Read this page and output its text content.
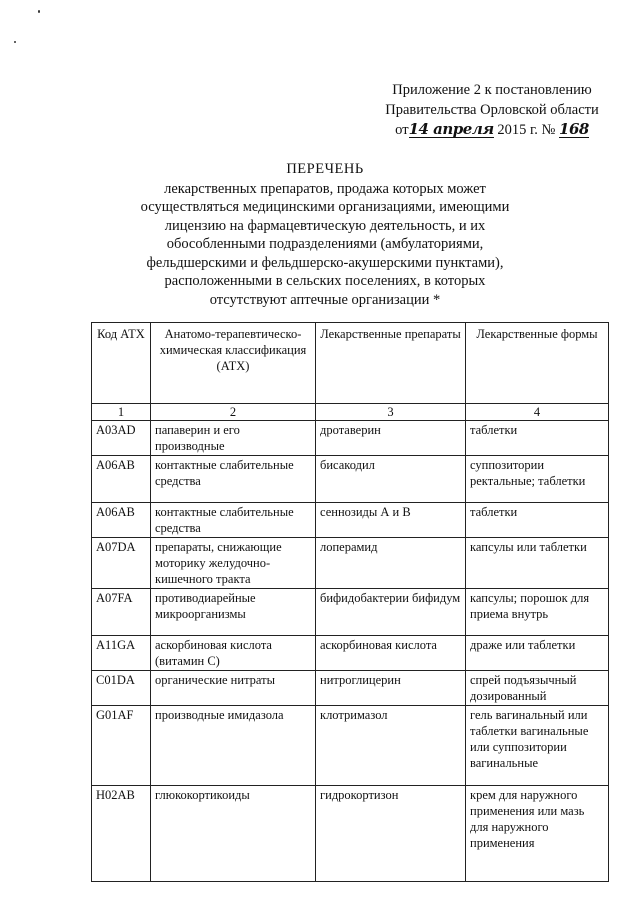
Приложение 2 к постановлению
Правительства Орловской области
от14 апреля 2015 г. № 168
ПЕРЕЧЕНЬ
лекарственных препаратов, продажа которых может
осуществляться медицинскими организациями, имеющими
лицензию на фармацевтическую деятельность, и их
обособленными подразделениями (амбулаториями,
фельдшерскими и фельдшерско-акушерскими пунктами),
расположенными в сельских поселениях, в которых
отсутствуют аптечные организации *
Код АТХ	Анатомо-терапевтическо-химическая классификация (АТХ)	Лекарственные препараты	Лекарственные формы
1	2	3	4
A03AD	папаверин и его производные	дротаверин	таблетки
A06AB	контактные слабительные средства	бисакодил	суппозитории ректальные; таблетки
A06AB	контактные слабительные средства	сеннозиды А и В	таблетки
A07DA	препараты, снижающие моторику желудочно-кишечного тракта	лоперамид	капсулы или таблетки
A07FA	противодиарейные микроорганизмы	бифидобактерии бифидум	капсулы; порошок для приема внутрь
A11GA	аскорбиновая кислота (витамин С)	аскорбиновая кислота	драже или таблетки
C01DA	органические нитраты	нитроглицерин	спрей подъязычный дозированный
G01AF	производные имидазола	клотримазол	гель вагинальный или таблетки вагинальные или суппозитории вагинальные
H02AB	глюкокортикоиды	гидрокортизон	крем для наружного применения или мазь для наружного применения
